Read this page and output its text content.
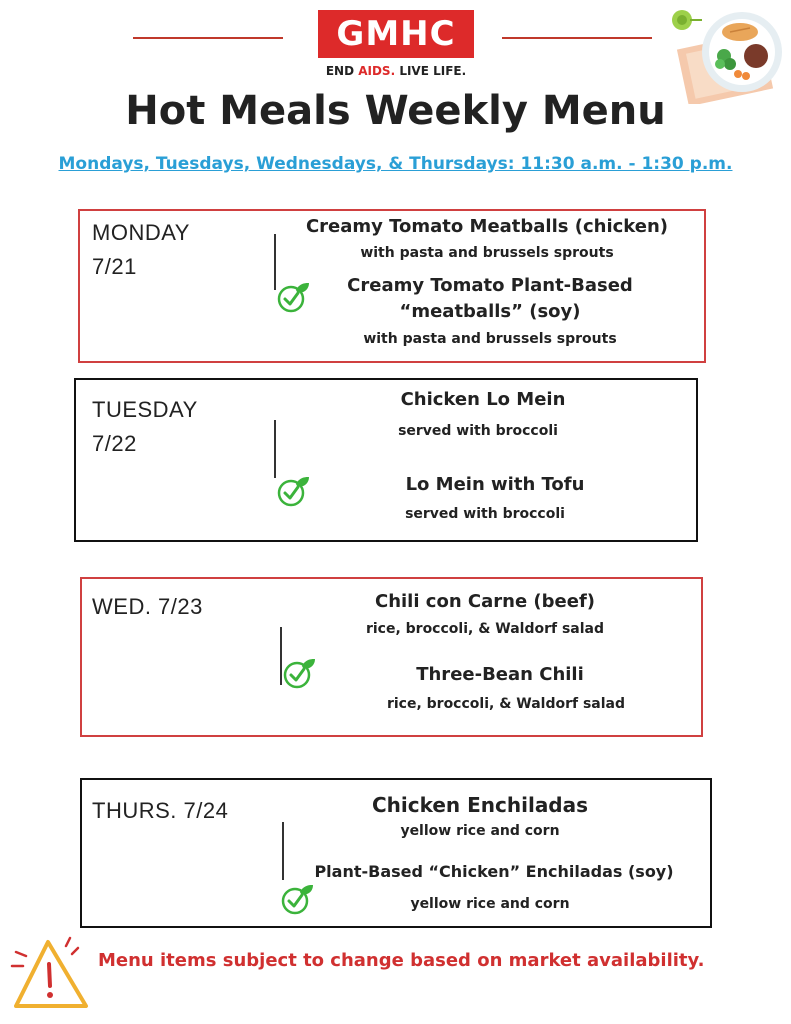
GMHC
END AIDS. LIVE LIFE.
Hot Meals Weekly Menu
Mondays, Tuesdays, Wednesdays, & Thursdays: 11:30 a.m. - 1:30 p.m.
MONDAY
7/21
Creamy Tomato Meatballs (chicken)
with pasta and brussels sprouts
Creamy Tomato Plant-Based
“meatballs” (soy)
with pasta and brussels sprouts
TUESDAY
7/22
Chicken Lo Mein
served with broccoli
Lo Mein with Tofu
served with broccoli
WED. 7/23	Chili con Carne (beef)
rice, broccoli, & Waldorf salad
Three-Bean Chili
rice, broccoli, & Waldorf salad
THURS. 7/24	Chicken Enchiladas
yellow rice and corn
Plant-Based “Chicken” Enchiladas (soy)
yellow rice and corn
Menu items subject to change based on market availability.
